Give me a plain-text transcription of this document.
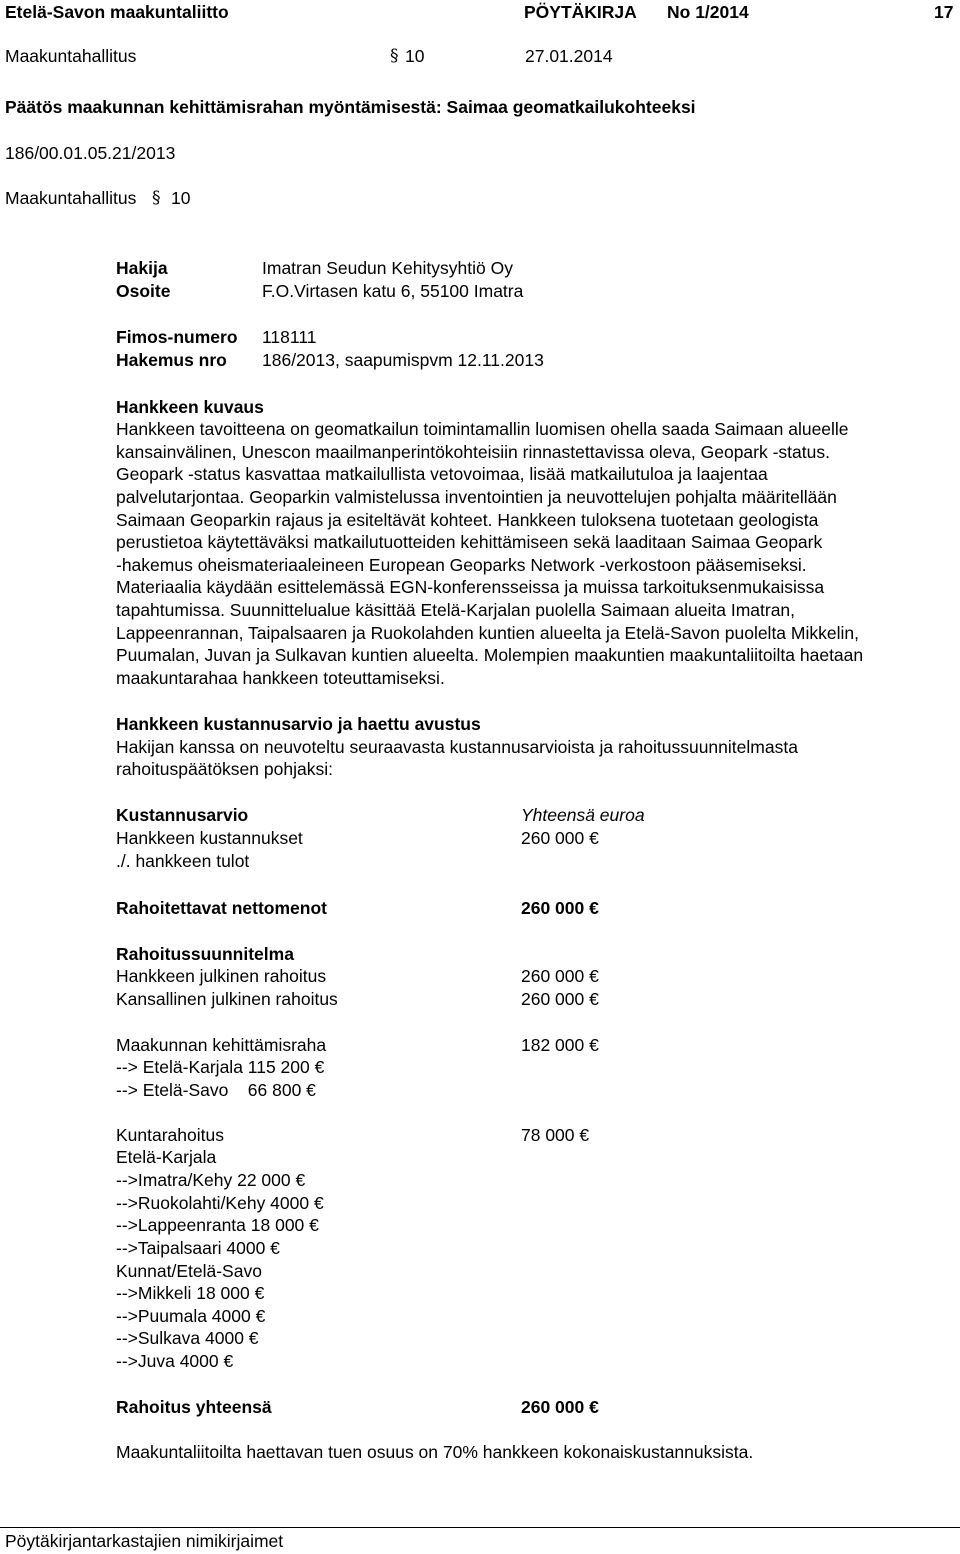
Etelä-Savon maakuntaliitto	PÖYTÄKIRJA No 1/2014	17
Maakuntahallitus	§ 10	27.01.2014
Päätös maakunnan kehittämisrahan myöntämisestä: Saimaa geomatkailukohteeksi
186/00.01.05.21/2013
Maakuntahallitus § 10
Hakija	Imatran Seudun Kehitysyhtiö Oy
Osoite	F.O.Virtasen katu 6, 55100 Imatra
Fimos-numero 118111
Hakemus nro 186/2013, saapumispvm 12.11.2013
Hankkeen kuvaus
Hankkeen tavoitteena on geomatkailun toimintamallin luomisen ohella saada Saimaan alueelle
kansainvälinen, Unescon maailmanperintökohteisiin rinnastettavissa oleva, Geopark -status.
Geopark -status kasvattaa matkailullista vetovoimaa, lisää matkailutuloa ja laajentaa
palvelutarjontaa. Geoparkin valmistelussa inventointien ja neuvottelujen pohjalta määritellään
Saimaan Geoparkin rajaus ja esiteltävät kohteet. Hankkeen tuloksena tuotetaan geologista
perustietoa käytettäväksi matkailutuotteiden kehittämiseen sekä laaditaan Saimaa Geopark
-hakemus oheismateriaaleineen European Geoparks Network -verkostoon pääsemiseksi.
Materiaalia käydään esittelemässä EGN-konferensseissa ja muissa tarkoituksenmukaisissa
tapahtumissa. Suunnittelualue käsittää Etelä-Karjalan puolella Saimaan alueita Imatran,
Lappeenrannan, Taipalsaaren ja Ruokolahden kuntien alueelta ja Etelä-Savon puolelta Mikkelin,
Puumalan, Juvan ja Sulkavan kuntien alueelta. Molempien maakuntien maakuntaliitoilta haetaan
maakuntarahaa hankkeen toteuttamiseksi.
Hankkeen kustannusarvio ja haettu avustus
Hakijan kanssa on neuvoteltu seuraavasta kustannusarvioista ja rahoitussuunnitelmasta
rahoituspäätöksen pohjaksi:
Kustannusarvio	Yhteensä euroa
Hankkeen kustannukset	260 000 €
./. hankkeen tulot
Rahoitettavat nettomenot	260 000 €
Rahoitussuunnitelma
Hankkeen julkinen rahoitus	260 000 €
Kansallinen julkinen rahoitus	260 000 €
Maakunnan kehittämisraha	182 000 €
--> Etelä-Karjala 115 200 €
--> Etelä-Savo    66 800 €
Kuntarahoitus	78 000 €
Etelä-Karjala
-->Imatra/Kehy 22 000 €
-->Ruokolahti/Kehy 4000 €
-->Lappeenranta 18 000 €
-->Taipalsaari 4000 €
Kunnat/Etelä-Savo
-->Mikkeli 18 000 €
-->Puumala 4000 €
-->Sulkava 4000 €
-->Juva 4000 €
Rahoitus yhteensä	260 000 €
Maakuntaliitoilta haettavan tuen osuus on 70% hankkeen kokonaiskustannuksista.
Pöytäkirjantarkastajien nimikirjaimet
